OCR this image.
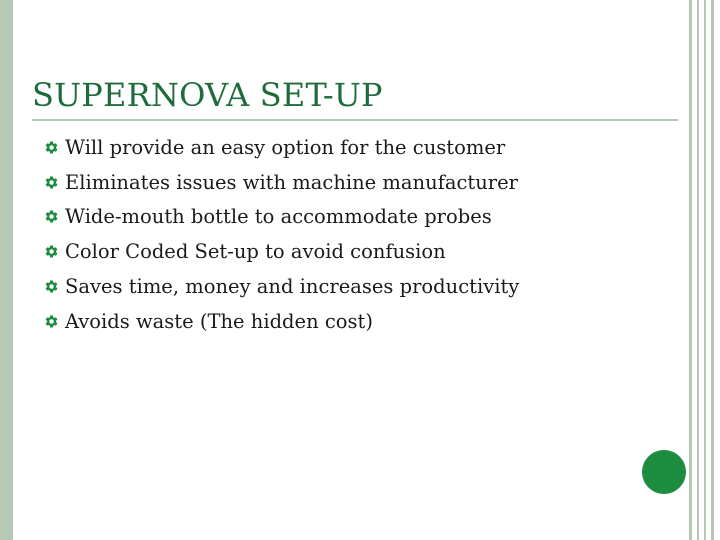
SUPERNOVA SET-UP
Will provide an easy option for the customer
Eliminates issues with machine manufacturer
Wide-mouth bottle to accommodate probes
Color Coded Set-up to avoid confusion
Saves time, money and increases productivity
Avoids waste (The hidden cost)
